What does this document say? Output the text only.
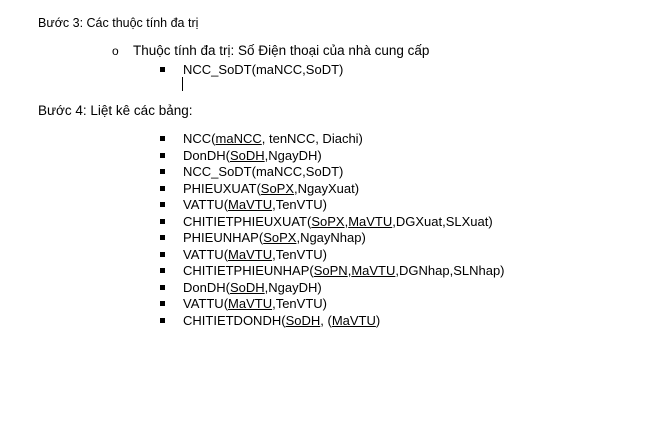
Bước 3: Các thuộc tính đa trị
o Thuộc tính đa trị: Số Điện thoại của nhà cung cấp
NCC_SoDT(maNCC,SoDT)
Bước 4: Liệt kê các bảng:
NCC(maNCC, tenNCC, Diachi)
DonDH(SoDH,NgayDH)
NCC_SoDT(maNCC,SoDT)
PHIEUXUAT(SoPX,NgayXuat)
VATTU(MaVTU,TenVTU)
CHITIETPHIEUXUAT(SoPX,MaVTU,DGXuat,SLXuat)
PHIEUNHAP(SoPX,NgayNhap)
VATTU(MaVTU,TenVTU)
CHITIETPHIEUNHAP(SoPN,MaVTU,DGNhap,SLNhap)
DonDH(SoDH,NgayDH)
VATTU(MaVTU,TenVTU)
CHITIETDONDH(SoDH, (MaVTU)
